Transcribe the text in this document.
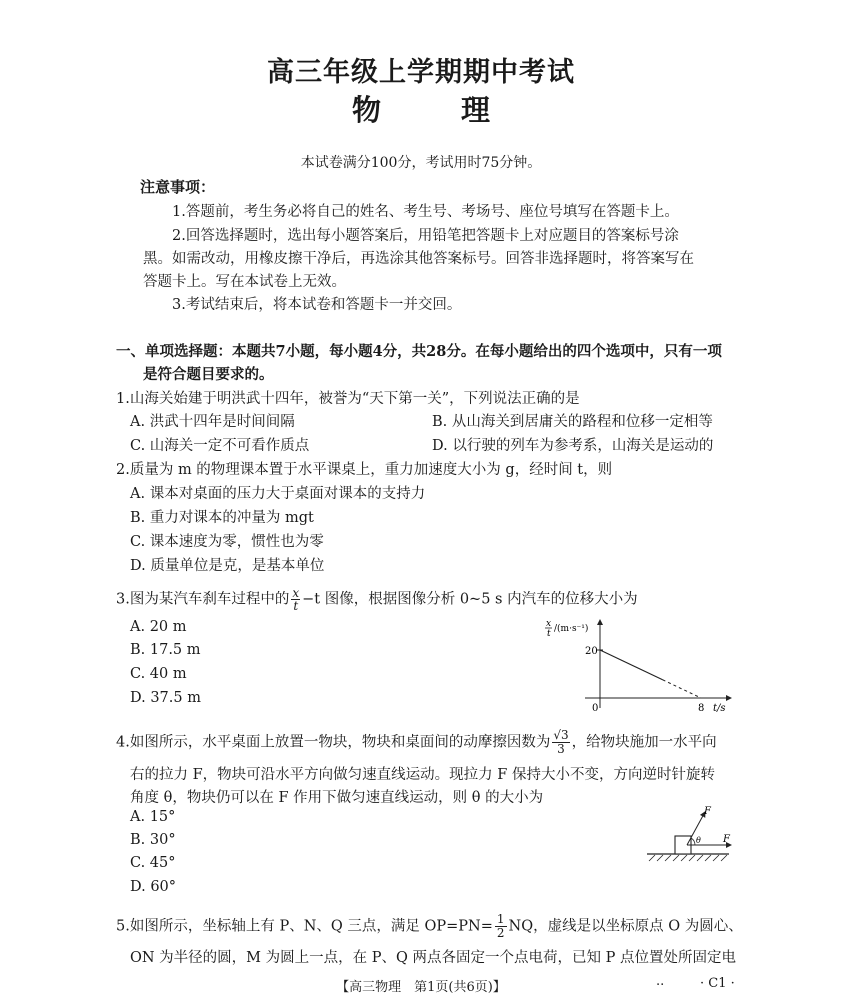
高三年级上学期期中考试
物	理
本试卷满分100分，考试用时75分钟。
注意事项：
1.答题前，考生务必将自己的姓名、考生号、考场号、座位号填写在答题卡上。
2.回答选择题时，选出每小题答案后，用铅笔把答题卡上对应题目的答案标号涂
黑。如需改动，用橡皮擦干净后，再选涂其他答案标号。回答非选择题时，将答案写在
答题卡上。写在本试卷上无效。
3.考试结束后，将本试卷和答题卡一并交回。
一、单项选择题：本题共7小题，每小题4分，共28分。在每小题给出的四个选项中，只有一项
是符合题目要求的。
1.山海关始建于明洪武十四年，被誉为“天下第一关”，下列说法正确的是
A. 洪武十四年是时间间隔	B. 从山海关到居庸关的路程和位移一定相等
C. 山海关一定不可看作质点	D. 以行驶的列车为参考系，山海关是运动的
2.质量为 m 的物理课本置于水平课桌上，重力加速度大小为 g，经时间 t，则
A. 课本对桌面的压力大于桌面对课本的支持力
B. 重力对课本的冲量为 mgt
C. 课本速度为零，惯性也为零
D. 质量单位是克，是基本单位
3.图为某汽车刹车过程中的 $\frac{x}{t} -t$ 图像，根据图像分析 0~5 s 内汽车的位移大小为
A. 20 m
B. 17.5 m
C. 40 m
D. 37.5 m
x
t /(m·s⁻¹)
20
0	8 t/s
4.如图所示，水平桌面上放置一物块，物块和桌面间的动摩擦因数为 $\frac{√3}{3}$ ，给物块施加一水平向
右的拉力 F，物块可沿水平方向做匀速直线运动。现拉力 F 保持大小不变，方向逆时针旋转
角度 θ，物块仍可以在 F 作用下做匀速直线运动，则 θ 的大小为
A. 15°
B. 30°
C. 45°
D. 60°
F
F
θ
5.如图所示，坐标轴上有 P、N、Q 三点，满足 $OP=PN= \frac{1}{2}$ NQ，虚线是以坐标原点 O 为圆心、
ON 为半径的圆，M 为圆上一点，在 P、Q 两点各固定一个点电荷，已知 P 点位置处所固定电
【高三物理　第1页(共6页)】	..	· C1 ·
